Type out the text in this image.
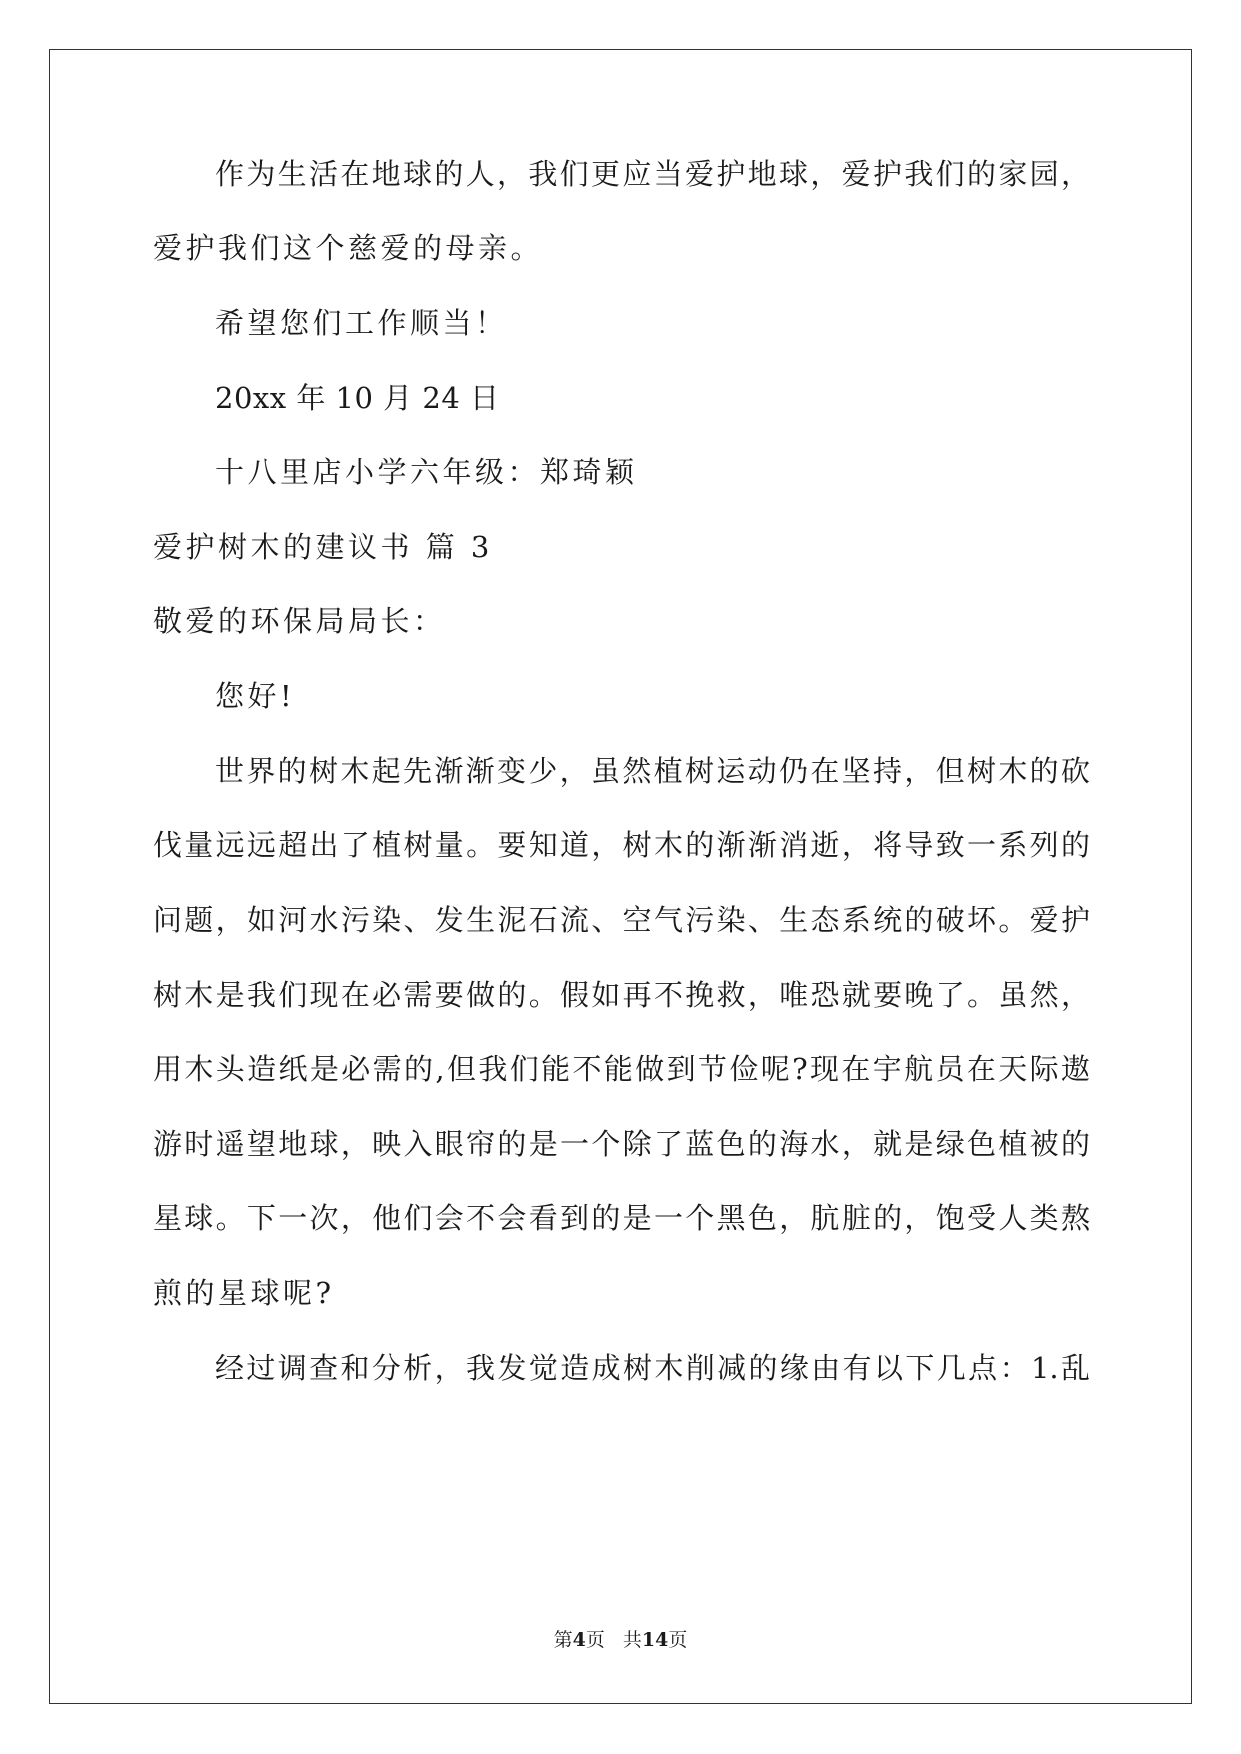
作为生活在地球的人，我们更应当爱护地球，爱护我们的家园，
爱护我们这个慈爱的母亲。
希望您们工作顺当！
20xx 年 10 月 24 日
十八里店小学六年级：郑琦颖
爱护树木的建议书 篇 3
敬爱的环保局局长：
您好!
世界的树木起先渐渐变少，虽然植树运动仍在坚持，但树木的砍
伐量远远超出了植树量。要知道，树木的渐渐消逝，将导致一系列的
问题，如河水污染、发生泥石流、空气污染、生态系统的破坏。爱护
树木是我们现在必需要做的。假如再不挽救，唯恐就要晚了。虽然，
用木头造纸是必需的,但我们能不能做到节俭呢?现在宇航员在天际遨
游时遥望地球，映入眼帘的是一个除了蓝色的海水，就是绿色植被的
星球。下一次，他们会不会看到的是一个黑色，肮脏的，饱受人类熬
煎的星球呢?
经过调查和分析，我发觉造成树木削减的缘由有以下几点：1.乱
第4页 共14页
